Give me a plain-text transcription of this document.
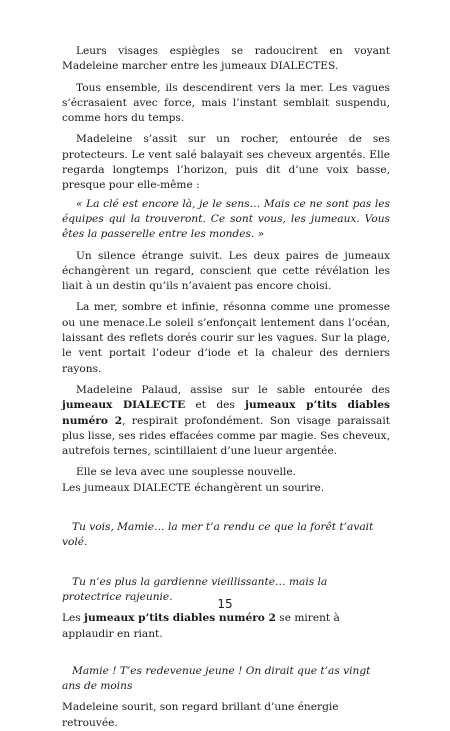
Leurs visages espiègles se radoucirent en voyant Madeleine marcher entre les jumeaux DIALECTES.

Tous ensemble, ils descendirent vers la mer. Les vagues s’écrasaient avec force, mais l’instant semblait suspendu, comme hors du temps.

Madeleine s’assit sur un rocher, entourée de ses protecteurs. Le vent salé balayait ses cheveux argentés. Elle regarda longtemps l’horizon, puis dit d’une voix basse, presque pour elle-même :

« La clé est encore là, je le sens… Mais ce ne sont pas les équipes qui la trouveront. Ce sont vous, les jumeaux. Vous êtes la passerelle entre les mondes. »

Un silence étrange suivit. Les deux paires de jumeaux échangèrent un regard, conscient que cette révélation les liait à un destin qu’ils n’avaient pas encore choisi.

La mer, sombre et infinie, résonna comme une promesse ou une menace.Le soleil s’enfonçait lentement dans l’océan, laissant des reflets dorés courir sur les vagues. Sur la plage, le vent portait l’odeur d’iode et la chaleur des derniers rayons.

Madeleine Palaud, assise sur le sable entourée des jumeaux DIALECTE et des jumeaux p’tits diables numéro 2, respirait profondément. Son visage paraissait plus lisse, ses rides effacées comme par magie. Ses cheveux, autrefois ternes, scintillaient d’une lueur argentée.

Elle se leva avec une souplesse nouvelle.

Les jumeaux DIALECTE échangèrent un sourire.

Tu vois, Mamie… la mer t’a rendu ce que la forêt t’avait volé.

Tu n’es plus la gardienne vieillissante… mais la protectrice rajeunie.

Les jumeaux p’tits diables numéro 2 se mirent à applaudir en riant.

Mamie ! T’es redevenue jeune ! On dirait que t’as vingt ans de moins

Madeleine sourit, son regard brillant d’une énergie retrouvée.

15
